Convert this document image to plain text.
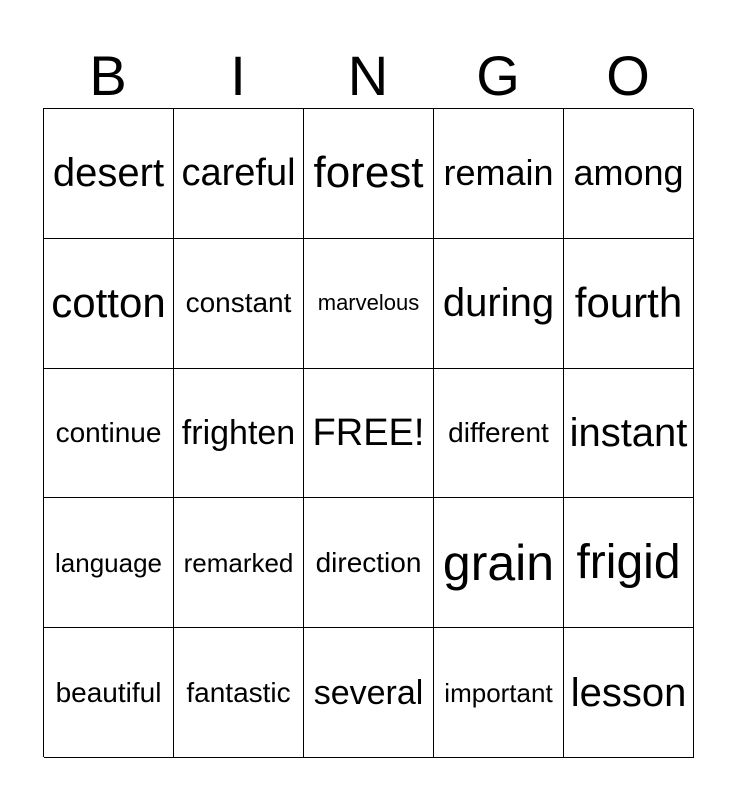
B	I	N	G	O
desert careful forest remain among
cotton constant	marvelous during fourth
continue frighten FREE! different instant
language remarked direction grain frigid
beautiful fantastic several important lesson
